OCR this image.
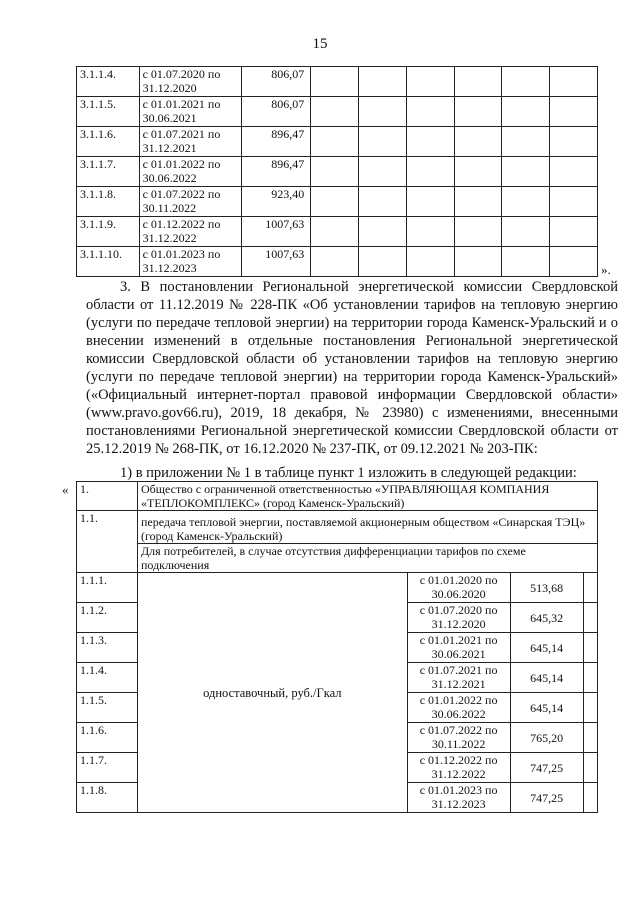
15
3.1.1.4.	с 01.07.2020 по 31.12.2020	806,07						
3.1.1.5.	с 01.01.2021 по 30.06.2021	806,07						
3.1.1.6.	с 01.07.2021 по 31.12.2021	896,47						
3.1.1.7.	с 01.01.2022 по 30.06.2022	896,47						
3.1.1.8.	с 01.07.2022 по 30.11.2022	923,40						
3.1.1.9.	с 01.12.2022 по 31.12.2022	1007,63						
3.1.1.10.	с 01.01.2023 по 31.12.2023	1007,63						
».

3. В постановлении Региональной энергетической комиссии Свердловской области от 11.12.2019 № 228-ПК «Об установлении тарифов на тепловую энергию (услуги по передаче тепловой энергии) на территории города Каменск-Уральский и о внесении изменений в отдельные постановления Региональной энергетической комиссии Свердловской области об установлении тарифов на тепловую энергию (услуги по передаче тепловой энергии) на территории города Каменск-Уральский» («Официальный интернет-портал правовой информации Свердловской области» (www.pravo.gov66.ru), 2019, 18 декабря, № 23980) с изменениями, внесенными постановлениями Региональной энергетической комиссии Свердловской области от 25.12.2019 № 268-ПК, от 16.12.2020 № 237-ПК, от 09.12.2021 № 203-ПК:

1) в приложении № 1 в таблице пункт 1 изложить в следующей редакции:

« 1.	Общество с ограниченной ответственностью «УПРАВЛЯЮЩАЯ КОМПАНИЯ «ТЕПЛОКОМПЛЕКС» (город Каменск-Уральский)			
1.1.	передача тепловой энергии, поставляемой акционерным обществом «Синарская ТЭЦ» (город Каменск-Уральский)			
	Для потребителей, в случае отсутствия дифференциации тарифов по схеме подключения			
1.1.1.	одноставочный, руб./Гкал	с 01.01.2020 по 30.06.2020	513,68	
1.1.2.		с 01.07.2020 по 31.12.2020	645,32	
1.1.3.		с 01.01.2021 по 30.06.2021	645,14	
1.1.4.		с 01.07.2021 по 31.12.2021	645,14	
1.1.5.		с 01.01.2022 по 30.06.2022	645,14	
1.1.6.		с 01.07.2022 по 30.11.2022	765,20	
1.1.7.		с 01.12.2022 по 31.12.2022	747,25	
1.1.8.		с 01.01.2023 по 31.12.2023	747,25	
